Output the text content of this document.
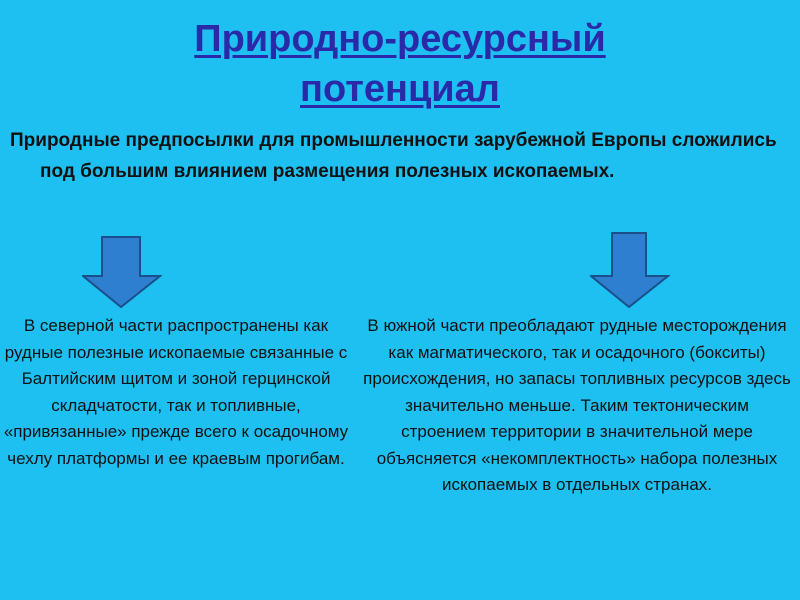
Природно-ресурсный
потенциал
Природные предпосылки для промышленности зарубежной Европы сложились под большим влиянием размещения полезных ископаемых.
В северной части распространены как рудные полезные ископаемые связанные с Балтийским щитом и зоной герцинской складчатости, так и топливные, «привязанные» прежде всего к осадочному чехлу платформы и ее краевым прогибам.
В южной части преобладают рудные месторождения как магматического, так и осадочного (бокситы) происхождения, но запасы топливных ресурсов здесь значительно меньше. Таким тектоническим строением территории в значительной мере объясняется «некомплектность» набора полезных ископаемых в отдельных странах.
